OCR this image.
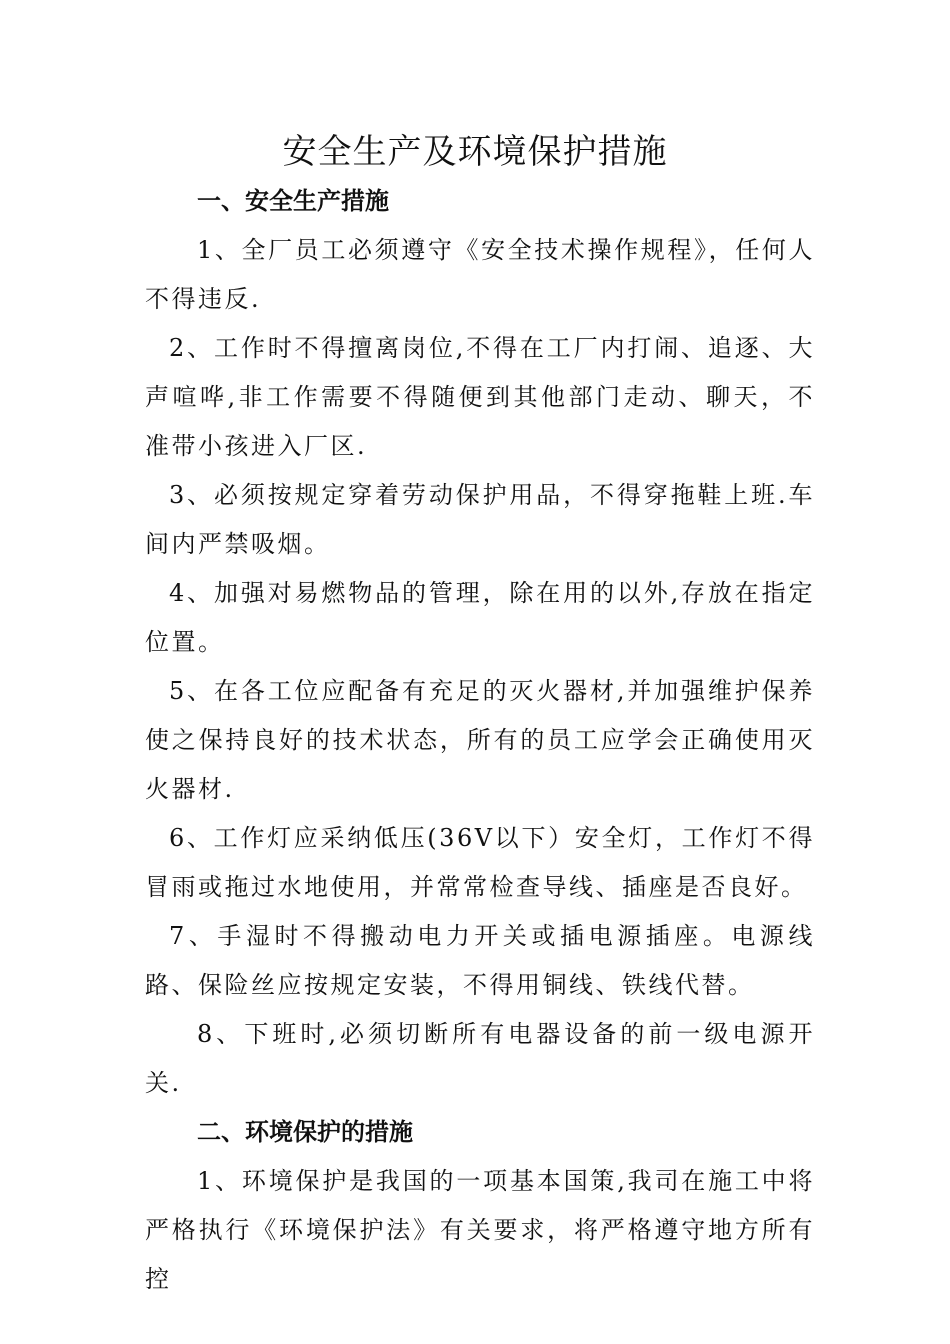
安全生产及环境保护措施

一、安全生产措施

1、全厂员工必须遵守《安全技术操作规程》，任何人不得违反.

2、工作时不得擅离岗位,不得在工厂内打闹、追逐、大声喧哗,非工作需要不得随便到其他部门走动、聊天，不准带小孩进入厂区.

3、必须按规定穿着劳动保护用品，不得穿拖鞋上班.车间内严禁吸烟。

4、加强对易燃物品的管理，除在用的以外,存放在指定位置。

5、在各工位应配备有充足的灭火器材,并加强维护保养使之保持良好的技术状态，所有的员工应学会正确使用灭火器材.

6、工作灯应采纳低压(36V以下）安全灯，工作灯不得冒雨或拖过水地使用，并常常检查导线、插座是否良好。

7、手湿时不得搬动电力开关或插电源插座。电源线路、保险丝应按规定安装，不得用铜线、铁线代替。

8、下班时,必须切断所有电器设备的前一级电源开关.

二、环境保护的措施

1、环境保护是我国的一项基本国策,我司在施工中将严格执行《环境保护法》有关要求，将严格遵守地方所有控
